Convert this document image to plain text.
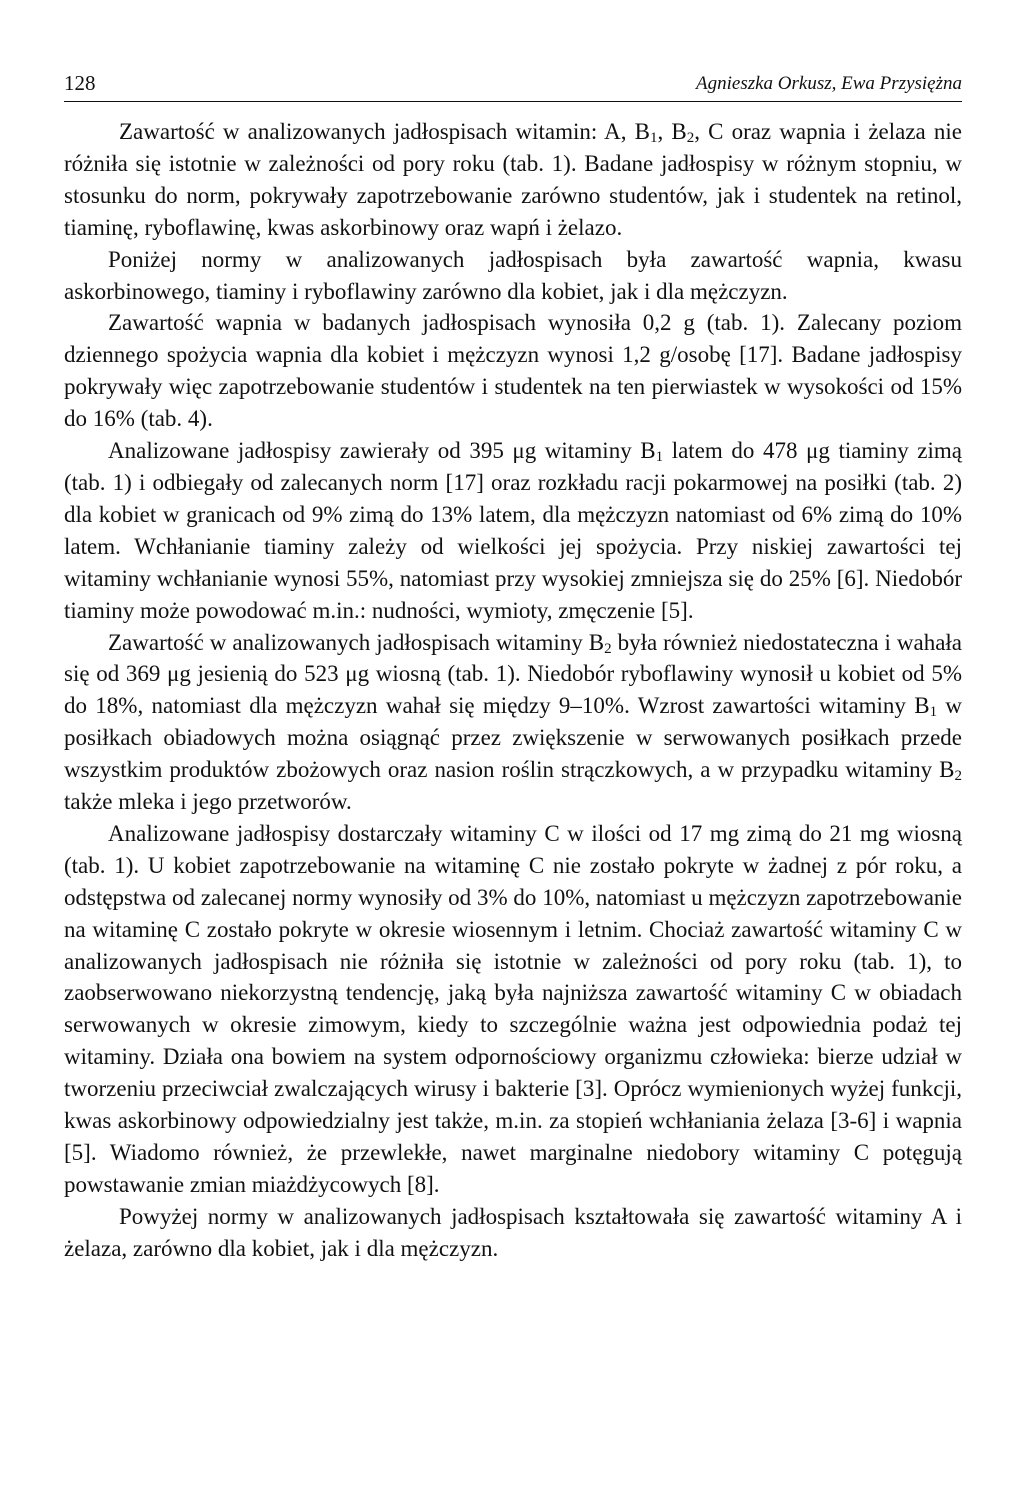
128	Agnieszka Orkusz, Ewa Przysiężna

Zawartość w analizowanych jadłospisach witamin: A, $B_1$, $B_2$, C oraz wapnia i żelaza nie różniła się istotnie w zależności od pory roku (tab. 1). Badane jadłospisy w różnym stopniu, w stosunku do norm, pokrywały zapotrzebowanie zarówno studentów, jak i studentek na retinol, tiaminę, ryboflawinę, kwas askorbinowy oraz wapń i żelazo.

Poniżej normy w analizowanych jadłospisach była zawartość wapnia, kwasu askorbinowego, tiaminy i ryboflawiny zarówno dla kobiet, jak i dla mężczyzn.

Zawartość wapnia w badanych jadłospisach wynosiła 0,2 g (tab. 1). Zalecany poziom dziennego spożycia wapnia dla kobiet i mężczyzn wynosi 1,2 g/osobę [17]. Badane jadłospisy pokrywały więc zapotrzebowanie studentów i studentek na ten pierwiastek w wysokości od 15% do 16% (tab. 4).

Analizowane jadłospisy zawierały od 395 μg witaminy $B_1$ latem do 478 μg tiaminy zimą (tab. 1) i odbiegały od zalecanych norm [17] oraz rozkładu racji pokarmowej na posiłki (tab. 2) dla kobiet w granicach od 9% zimą do 13% latem, dla mężczyzn natomiast od 6% zimą do 10% latem. Wchłanianie tiaminy zależy od wielkości jej spożycia. Przy niskiej zawartości tej witaminy wchłanianie wynosi 55%, natomiast przy wysokiej zmniejsza się do 25% [6]. Niedobór tiaminy może powodować m.in.: nudności, wymioty, zmęczenie [5].

Zawartość w analizowanych jadłospisach witaminy $B_2$ była również niedostateczna i wahała się od 369 μg jesienią do 523 μg wiosną (tab. 1). Niedobór ryboflawiny wynosił u kobiet od 5% do 18%, natomiast dla mężczyzn wahał się między 9–10%. Wzrost zawartości witaminy $B_1$ w posiłkach obiadowych można osiągnąć przez zwiększenie w serwowanych posiłkach przede wszystkim produktów zbożowych oraz nasion roślin strączkowych, a w przypadku witaminy $B_2$ także mleka i jego przetworów.

Analizowane jadłospisy dostarczały witaminy C w ilości od 17 mg zimą do 21 mg wiosną (tab. 1). U kobiet zapotrzebowanie na witaminę C nie zostało pokryte w żadnej z pór roku, a odstępstwa od zalecanej normy wynosiły od 3% do 10%, natomiast u mężczyzn zapotrzebowanie na witaminę C zostało pokryte w okresie wiosennym i letnim. Chociaż zawartość witaminy C w analizowanych jadłospisach nie różniła się istotnie w zależności od pory roku (tab. 1), to zaobserwowano niekorzystną tendencję, jaką była najniższa zawartość witaminy C w obiadach serwowanych w okresie zimowym, kiedy to szczególnie ważna jest odpowiednia podaż tej witaminy. Działa ona bowiem na system odpornościowy organizmu człowieka: bierze udział w tworzeniu przeciwciał zwalczających wirusy i bakterie [3]. Oprócz wymienionych wyżej funkcji, kwas askorbinowy odpowiedzialny jest także, m.in. za stopień wchłaniania żelaza [3-6] i wapnia [5]. Wiadomo również, że przewlekłe, nawet marginalne niedobory witaminy C potęgują powstawanie zmian miażdżycowych [8].

Powyżej normy w analizowanych jadłospisach kształtowała się zawartość witaminy A i żelaza, zarówno dla kobiet, jak i dla mężczyzn.
